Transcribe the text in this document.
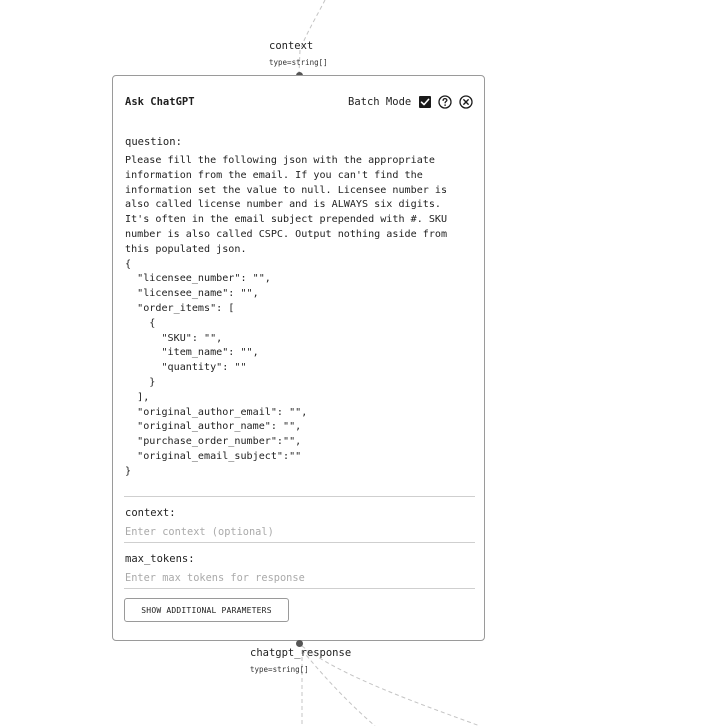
context
type=string[]
Ask ChatGPT	Batch Mode
question:
Please fill the following json with the appropriate
information from the email. If you can't find the
information set the value to null. Licensee number is
also called license number and is ALWAYS six digits.
It's often in the email subject prepended with #. SKU
number is also called CSPC. Output nothing aside from
this populated json.
{
"licensee_number": "",
"licensee_name": "",
"order_items": [
{
"SKU": "",
"item_name": "",
"quantity": ""
}
],
"original_author_email": "",
"original_author_name": "",
"purchase_order_number":"",
"original_email_subject":""
}
context:
Enter context (optional)
max_tokens:
Enter max tokens for response
SHOW ADDITIONAL PARAMETERS
chatgpt_response
type=string[]
